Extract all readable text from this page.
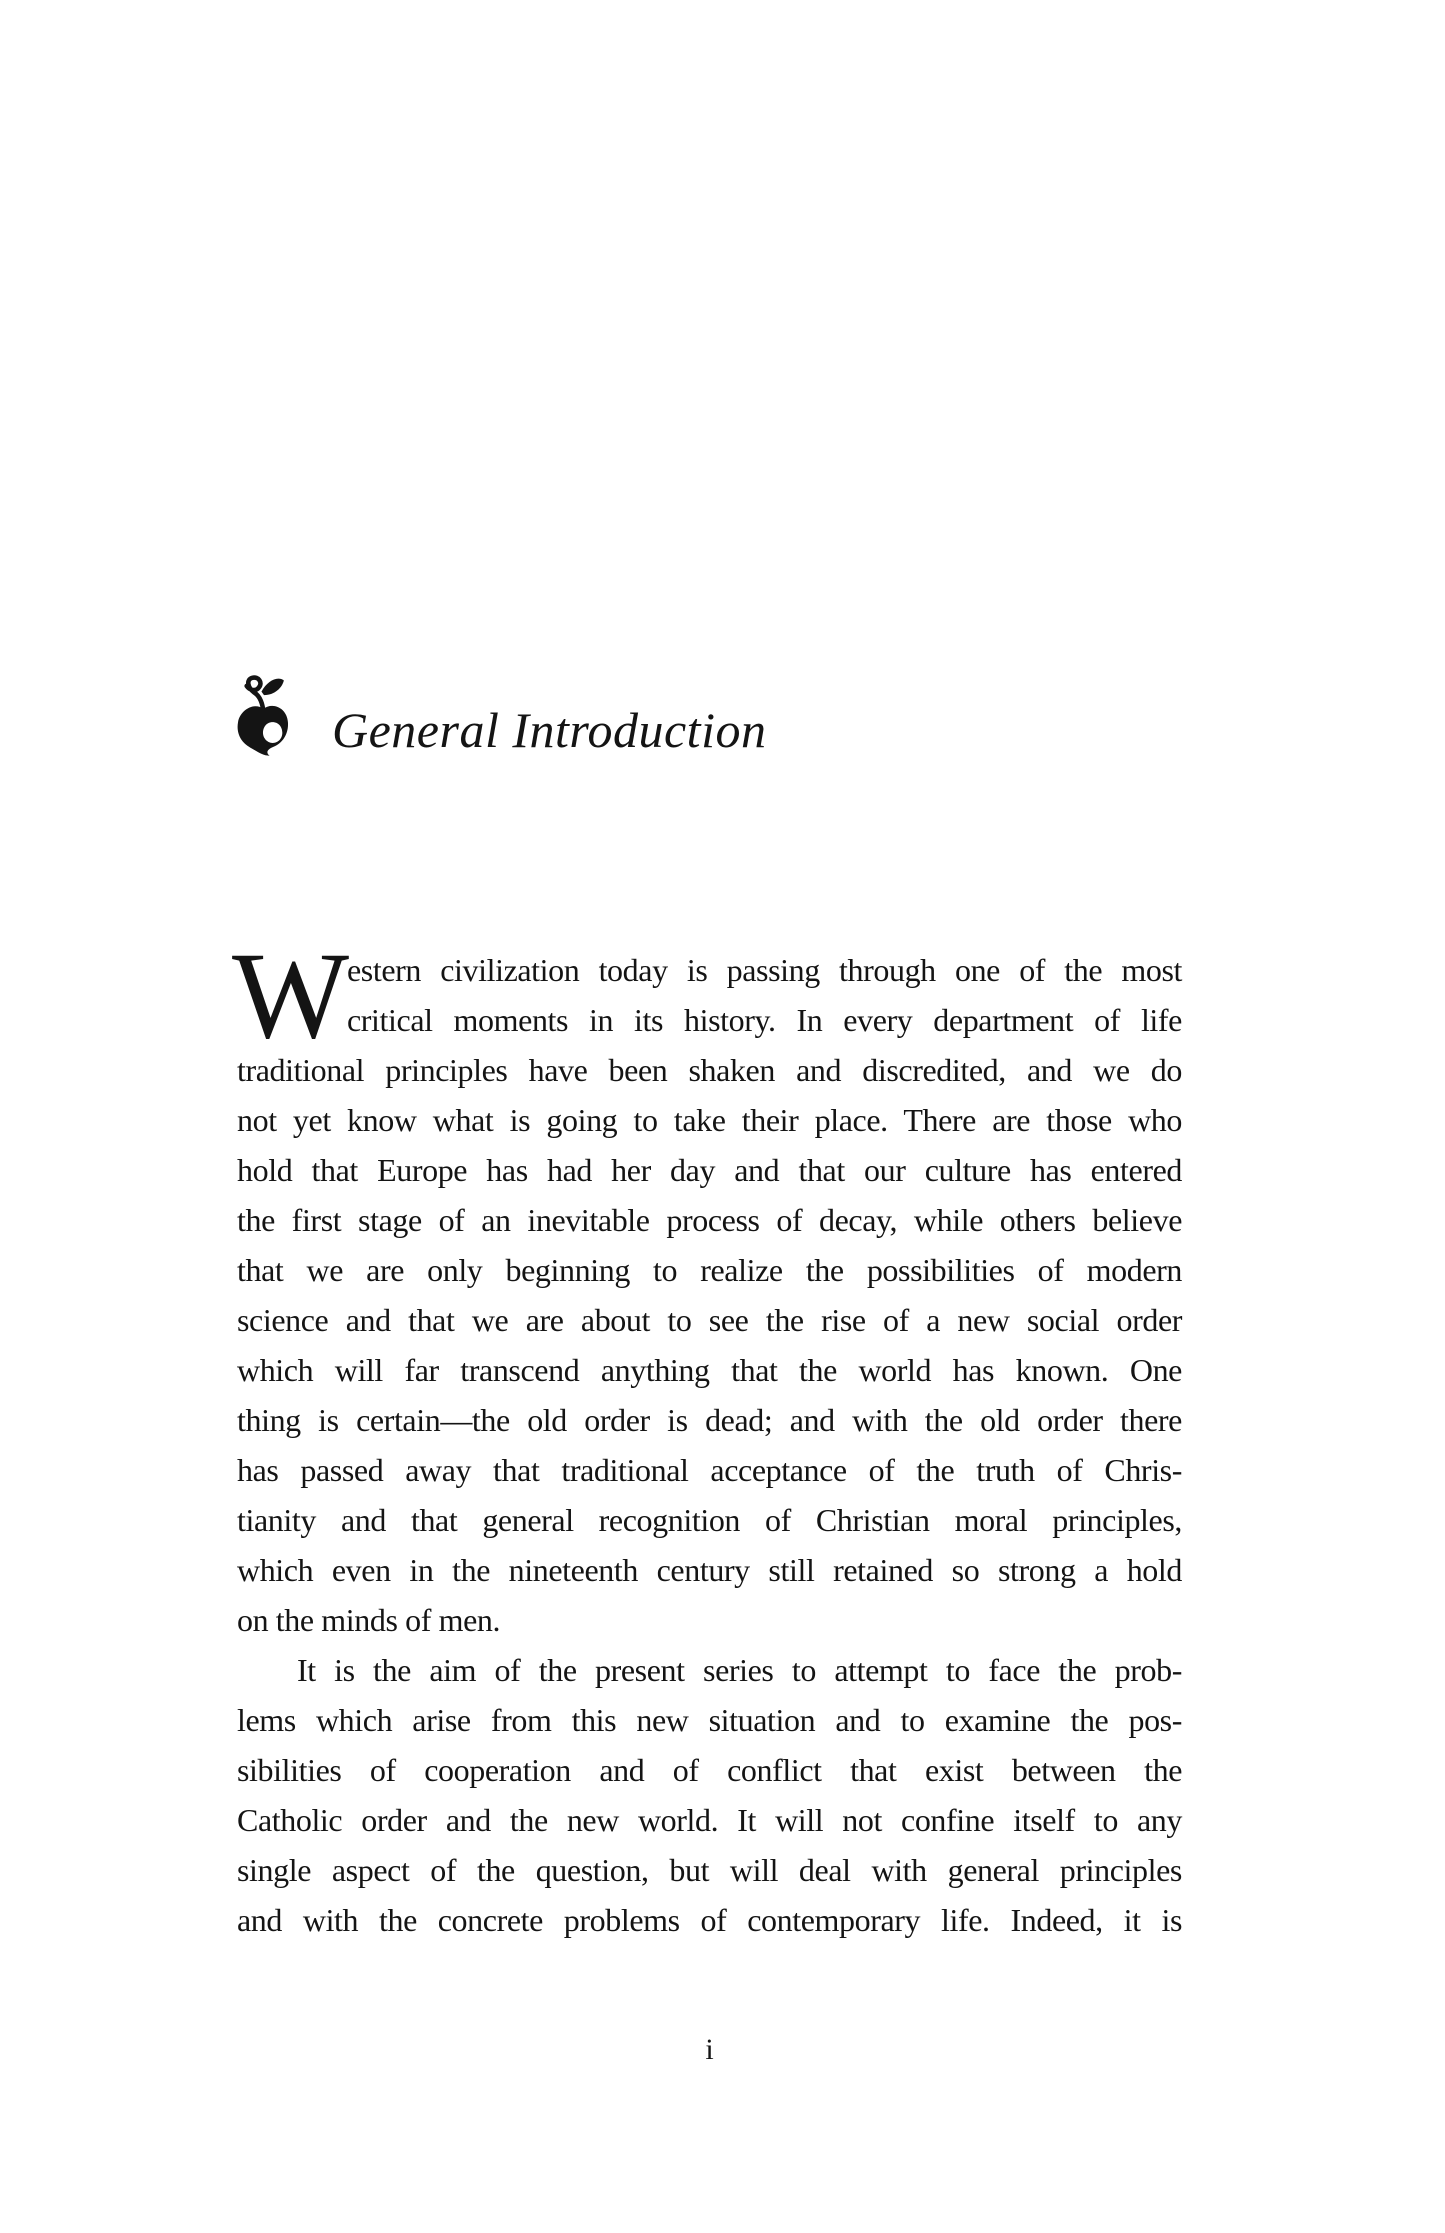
General Introduction
W
estern civilization today is passing through one of the most
critical moments in its history. In every department of life
traditional principles have been shaken and discredited, and we do
not yet know what is going to take their place. There are those who
hold that Europe has had her day and that our culture has entered
the first stage of an inevitable process of decay, while others believe
that we are only beginning to realize the possibilities of modern
science and that we are about to see the rise of a new social order
which will far transcend anything that the world has known. One
thing is certain—the old order is dead; and with the old order there
has passed away that traditional acceptance of the truth of Chris-
tianity and that general recognition of Christian moral principles,
which even in the nineteenth century still retained so strong a hold
on the minds of men.
It is the aim of the present series to attempt to face the prob-
lems which arise from this new situation and to examine the pos-
sibilities of cooperation and of conflict that exist between the
Catholic order and the new world. It will not confine itself to any
single aspect of the question, but will deal with general principles
and with the concrete problems of contemporary life. Indeed, it is
i
